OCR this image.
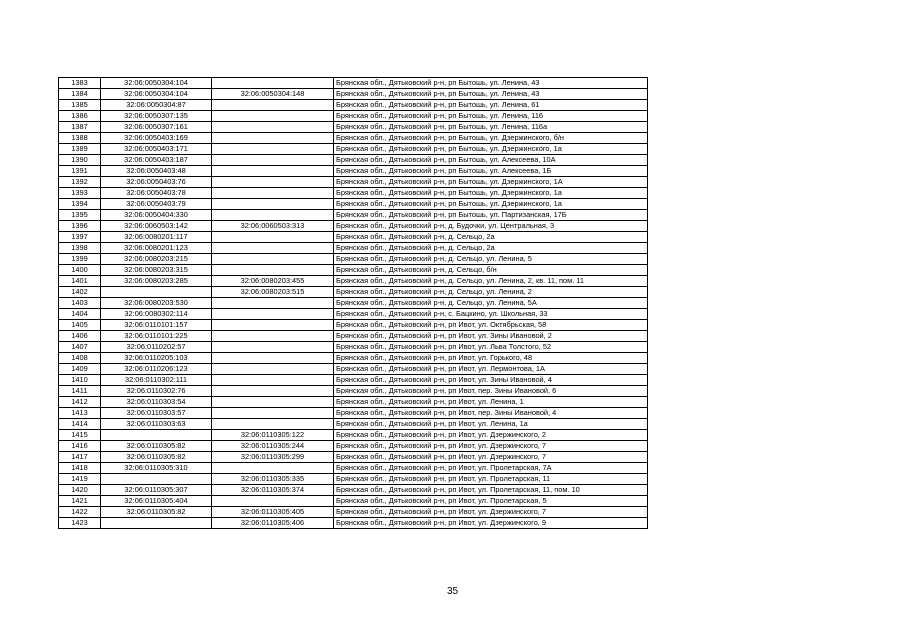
1383	32:06:0050304:104		Брянская обл., Дятьковский р-н, рп Бытошь, ул. Ленина, 43
1384	32:06:0050304:104	32:06:0050304:148	Брянская обл., Дятьковский р-н, рп Бытошь, ул. Ленина, 43
1385	32:06:0050304:87		Брянская обл., Дятьковский р-н, рп Бытошь, ул. Ленина, 61
1386	32:06:0050307:135		Брянская обл., Дятьковский р-н, рп Бытошь, ул. Ленина, 116
1387	32:06:0050307:161		Брянская обл., Дятьковский р-н, рп Бытошь, ул. Ленина, 116а
1388	32:06:0050403:169		Брянская обл., Дятьковский р-н, рп Бытошь, ул. Дзержинского, б/н
1389	32:06:0050403:171		Брянская обл., Дятьковский р-н, рп Бытошь, ул. Дзержинского, 1а
1390	32:06:0050403:187		Брянская обл., Дятьковский р-н, рп Бытошь, ул. Алексеева, 10А
1391	32:06:0050403:48		Брянская обл., Дятьковский р-н, рп Бытошь, ул. Алексеева, 1Б
1392	32:06:0050403:76		Брянская обл., Дятьковский р-н, рп Бытошь, ул. Дзержинского, 1А
1393	32:06:0050403:78		Брянская обл., Дятьковский р-н, рп Бытошь, ул. Дзержинского, 1а
1394	32:06:0050403:79		Брянская обл., Дятьковский р-н, рп Бытошь, ул. Дзержинского, 1а
1395	32:06:0050404:330		Брянская обл., Дятьковский р-н, рп Бытошь, ул. Партизанская, 17Б
1396	32:06:0060503:142	32:06:0060503:313	Брянская обл., Дятьковский р-н, д. Будочки, ул. Центральная, 3
1397	32:06:0080201:117		Брянская обл., Дятьковский р-н, д. Сельцо, 2а
1398	32:06:0080201:123		Брянская обл., Дятьковский р-н, д. Сельцо, 2а
1399	32:06:0080203:215		Брянская обл., Дятьковский р-н, д. Сельцо, ул. Ленина, 5
1400	32:06:0080203:315		Брянская обл., Дятьковский р-н, д. Сельцо, б/н
1401	32:06:0080203:285	32:06:0080203:455	Брянская обл., Дятьковский р-н, д. Сельцо, ул. Ленина, 2, кв. 11, пом. 11
1402		32:06:0080203:515	Брянская обл., Дятьковский р-н, д. Сельцо, ул. Ленина, 2
1403	32:06:0080203:530		Брянская обл., Дятьковский р-н, д. Сельцо, ул. Ленина, 5А
1404	32:06:0080302:114		Брянская обл., Дятьковский р-н, с. Бацкино, ул. Школьная, 33
1405	32:06:0110101:157		Брянская обл., Дятьковский р-н, рп Ивот, ул. Октябрьская, 58
1406	32:06:0110101:225		Брянская обл., Дятьковский р-н, рп Ивот, ул. Зины Ивановой, 2
1407	32:06:0110202:57		Брянская обл., Дятьковский р-н, рп Ивот, ул. Льва Толстого, 52
1408	32:06:0110205:103		Брянская обл., Дятьковский р-н, рп Ивот, ул. Горького, 48
1409	32:06:0110206:123		Брянская обл., Дятьковский р-н, рп Ивот, ул. Лермонтова, 1А
1410	32:06:0110302:111		Брянская обл., Дятьковский р-н, рп Ивот, ул. Зины Ивановой, 4
1411	32:06:0110302:76		Брянская обл., Дятьковский р-н, рп Ивот, пер. Зины Ивановой, 6
1412	32:06:0110303:54		Брянская обл., Дятьковский р-н, рп Ивот, ул. Ленина, 1
1413	32:06:0110303:57		Брянская обл., Дятьковский р-н, рп Ивот, пер. Зины Ивановой, 4
1414	32:06:0110303:63		Брянская обл., Дятьковский р-н, рп Ивот, ул. Ленина, 1а
1415		32:06:0110305:122	Брянская обл., Дятьковский р-н, рп Ивот, ул. Дзержинского, 2
1416	32:06:0110305:82	32:06:0110305:244	Брянская обл., Дятьковский р-н, рп Ивот, ул. Дзержинского, 7
1417	32:06:0110305:82	32:06:0110305:299	Брянская обл., Дятьковский р-н, рп Ивот, ул. Дзержинского, 7
1418	32:06:0110305:310		Брянская обл., Дятьковский р-н, рп Ивот, ул. Пролетарская, 7А
1419		32:06:0110305:335	Брянская обл., Дятьковский р-н, рп Ивот, ул. Пролетарская, 11
1420	32:06:0110305:307	32:06:0110305:374	Брянская обл., Дятьковский р-н, рп Ивот, ул. Пролетарская, 11, пом. 10
1421	32:06:0110305:404		Брянская обл., Дятьковский р-н, рп Ивот, ул. Пролетарская, 5
1422	32:06:0110305:82	32:06:0110305:405	Брянская обл., Дятьковский р-н, рп Ивот, ул. Дзержинского, 7
1423		32:06:0110305:406	Брянская обл., Дятьковский р-н, рп Ивот, ул. Дзержинского, 9
35
